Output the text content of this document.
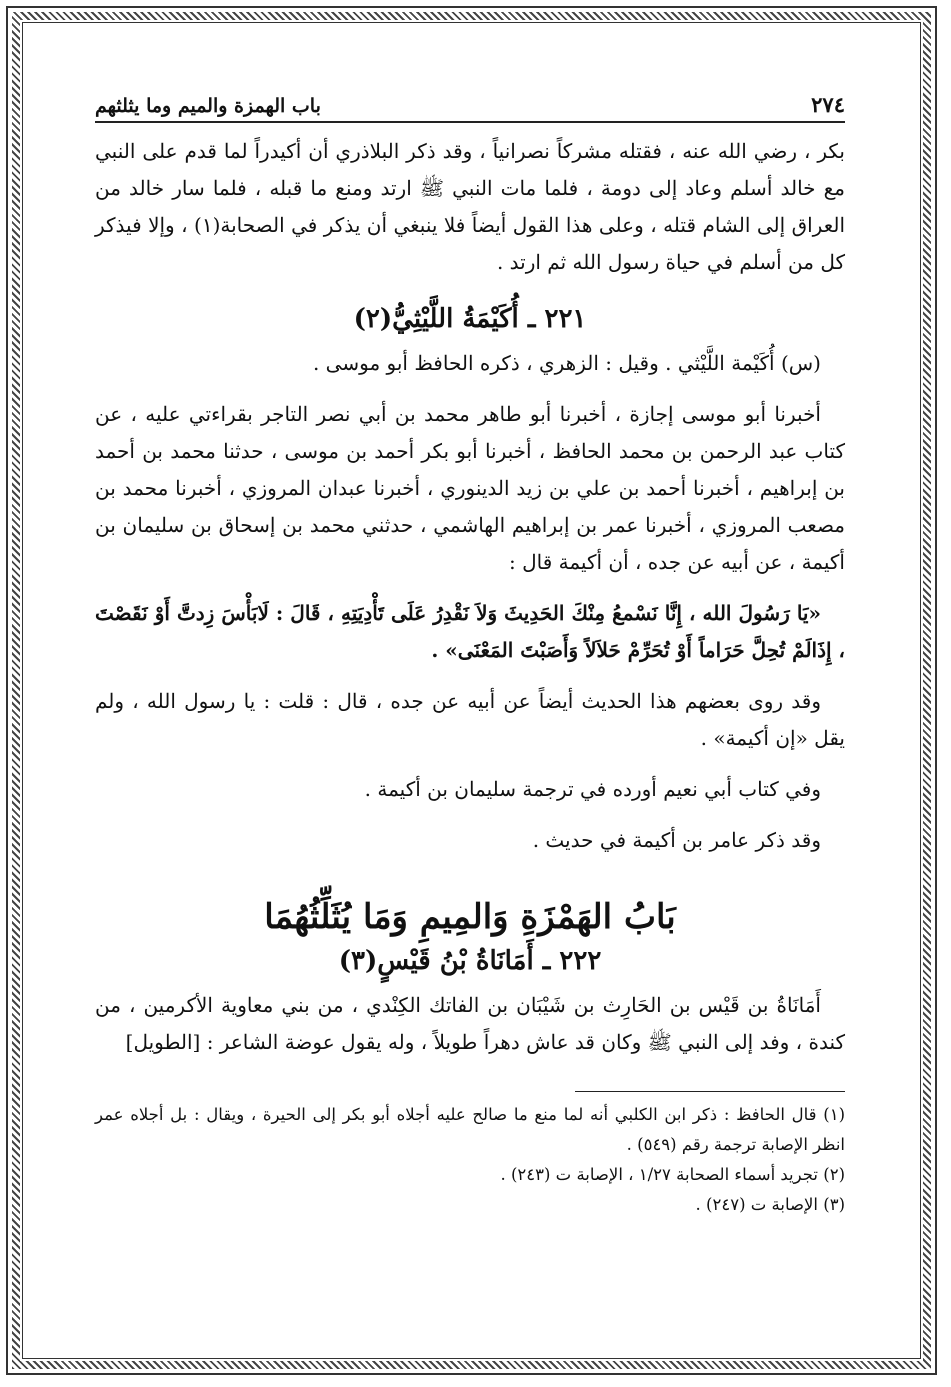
٢٧٤
باب الهمزة والميم وما يثلثهم

بكر ، رضي الله عنه ، فقتله مشركاً نصرانياً ، وقد ذكر البلاذري أن أكيدراً لما قدم على النبي مع خالد أسلم وعاد إلى دومة ، فلما مات النبي ﷺ ارتد ومنع ما قبله ، فلما سار خالد من العراق إلى الشام قتله ، وعلى هذا القول أيضاً فلا ينبغي أن يذكر في الصحابة(١) ، وإلا فيذكر كل من أسلم في حياة رسول الله ثم ارتد .

٢٢١ ـ أُكَيْمَةُ اللَّيْثِيُّ(٢)

(س) أُكَيْمة اللَّيْثي . وقيل : الزهري ، ذكره الحافظ أبو موسى .

أخبرنا أبو موسى إجازة ، أخبرنا أبو طاهر محمد بن أبي نصر التاجر بقراءتي عليه ، عن كتاب عبد الرحمن بن محمد الحافظ ، أخبرنا أبو بكر أحمد بن موسى ، حدثنا محمد بن أحمد بن إبراهيم ، أخبرنا أحمد بن علي بن زيد الدينوري ، أخبرنا عبدان المروزي ، أخبرنا محمد بن مصعب المروزي ، أخبرنا عمر بن إبراهيم الهاشمي ، حدثني محمد بن إسحاق بن سليمان بن أكيمة ، عن أبيه عن جده ، أن أكيمة قال :

«يَا رَسُولَ الله ، إِنَّا نَسْمعُ مِنْكَ الحَدِيثَ وَلاَ نَقْدِرُ عَلَى تَأْدِيَتِهِ ، قَالَ : لَابَأْسَ زِدتَّ أَوْ نَقَصْتَ ، إِذَالَمْ تُحِلَّ حَرَاماً أَوْ تُحَرِّمْ حَلاَلاً وَأَصَبْتَ المَعْنَى» .

وقد روى بعضهم هذا الحديث أيضاً عن أبيه عن جده ، قال : قلت : يا رسول الله ، ولم يقل «إن أكيمة» .

وفي كتاب أبي نعيم أورده في ترجمة سليمان بن أكيمة .

وقد ذكر عامر بن أكيمة في حديث .

بَابُ الهَمْزَةِ وَالمِيمِ وَمَا يُثَلِّثُهُمَا
٢٢٢ ـ أَمَانَاةُ بْنُ قَيْسٍ(٣)

أَمَانَاةُ بن قَيْس بن الحَارِث بن شَيْبَان بن الفاتك الكِنْدي ، من بني معاوية الأكرمين ، من كندة ، وفد إلى النبي ﷺ وكان قد عاش دهراً طويلاً ، وله يقول عوضة الشاعر : [الطويل]

(١) قال الحافظ : ذكر ابن الكلبي أنه لما منع ما صالح عليه أجلاه أبو بكر إلى الحيرة ، ويقال : بل أجلاه عمر انظر الإصابة ترجمة رقم (٥٤٩) .

(٢) تجريد أسماء الصحابة ١/٢٧ ، الإصابة ت (٢٤٣) .

(٣) الإصابة ت (٢٤٧) .
